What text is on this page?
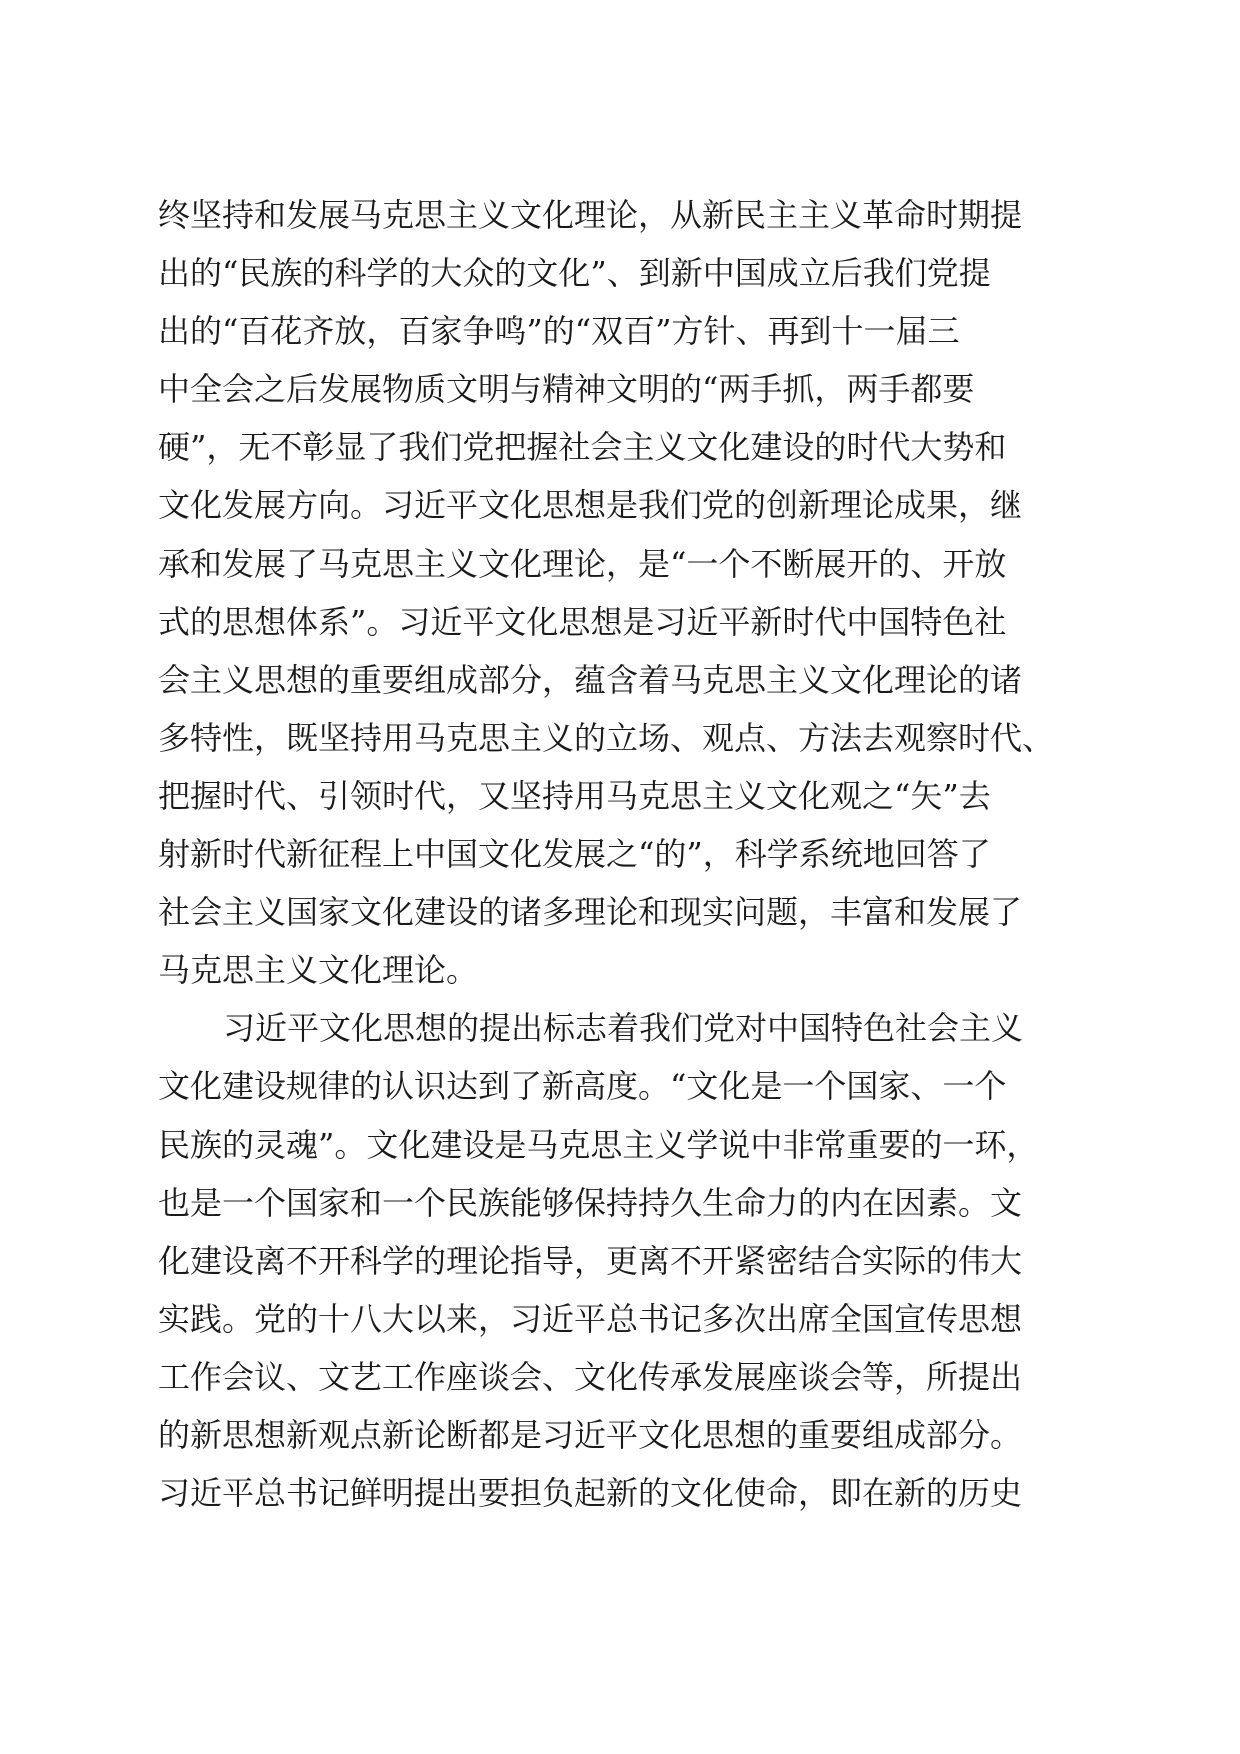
终坚持和发展马克思主义文化理论，从新民主主义革命时期提
出的“民族的科学的大众的文化”、到新中国成立后我们党提
出的“百花齐放，百家争鸣”的“双百”方针、再到十一届三
中全会之后发展物质文明与精神文明的“两手抓，两手都要
硬”，无不彰显了我们党把握社会主义文化建设的时代大势和
文化发展方向。习近平文化思想是我们党的创新理论成果，继
承和发展了马克思主义文化理论，是“一个不断展开的、开放
式的思想体系”。习近平文化思想是习近平新时代中国特色社
会主义思想的重要组成部分，蕴含着马克思主义文化理论的诸
多特性，既坚持用马克思主义的立场、观点、方法去观察时代、
把握时代、引领时代，又坚持用马克思主义文化观之“矢”去
射新时代新征程上中国文化发展之“的”，科学系统地回答了
社会主义国家文化建设的诸多理论和现实问题，丰富和发展了
马克思主义文化理论。
习近平文化思想的提出标志着我们党对中国特色社会主义
文化建设规律的认识达到了新高度。“文化是一个国家、一个
民族的灵魂”。文化建设是马克思主义学说中非常重要的一环，
也是一个国家和一个民族能够保持持久生命力的内在因素。文
化建设离不开科学的理论指导，更离不开紧密结合实际的伟大
实践。党的十八大以来，习近平总书记多次出席全国宣传思想
工作会议、文艺工作座谈会、文化传承发展座谈会等，所提出
的新思想新观点新论断都是习近平文化思想的重要组成部分。
习近平总书记鲜明提出要担负起新的文化使命，即在新的历史
